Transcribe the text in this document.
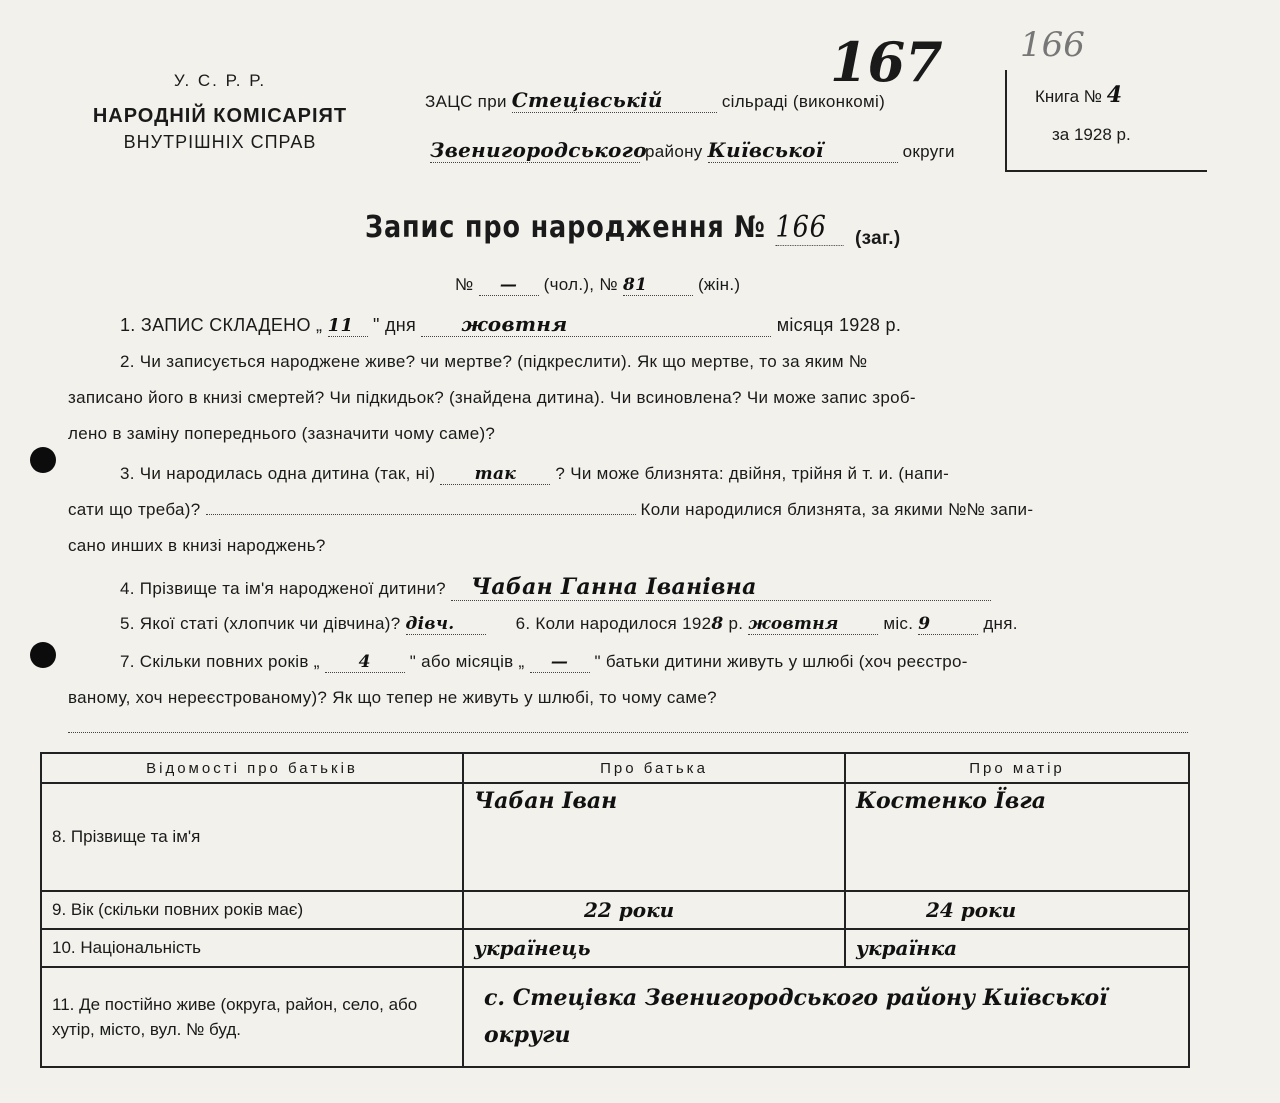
167 166
У. С. Р. Р.
НАРОДНІЙ КОМІСАРІЯТ
ВНУТРІШНІХ СПРАВ
ЗАЦС при Стецівській	сільраді (виконкомі)
Звенигородського району Київської	округи
Книга № 4
за 1928 р.
Запис про народження № 166	(заг.)
№ — (чол.), № 81	(жін.)
1. ЗАПИС СКЛАДЕНО „ 11 " дня жовтня	місяця 1928 р.
2. Чи записується народжене живе? чи мертве? (підкреслити). Як що мертве, то за яким №
записано його в книзі смертей? Чи підкидьок? (знайдена дитина). Чи всиновлена? Чи може запис зроб-
лено в заміну попереднього (зазначити чому саме)?
3. Чи народилась одна дитина (так, ні) так ? Чи може близнята: двійня, трійня й т. и. (напи-
сати що треба)?	Коли народилися близнята, за якими №№ запи-
сано инших в книзі народжень?
4. Прізвище та ім'я народженої дитини? Чабан Ганна Іванівна
5. Якої статі (хлопчик чи дівчина)? дівч.	6. Коли народилося 1928 р. жовтня	міс. 9	дня.
7. Скільки повних років „ 4 " або місяців „ — " батьки дитини живуть у шлюбі (хоч реєстро-
ваному, хоч нереєстрованому)? Як що тепер не живуть у шлюбі, то чому саме?
Відомості про батьків	Про батька	Про матір
8. Прізвище та ім'я	Чабан Іван	Костенко Ївга
9. Вік (скільки повних років має)	22 роки	24 роки
10. Національність	українець	українка
11. Де постійно живе (округа, район, село, або хутір, місто, вул. № буд.	с. Стецівка Звенигородського району Київської округи	
